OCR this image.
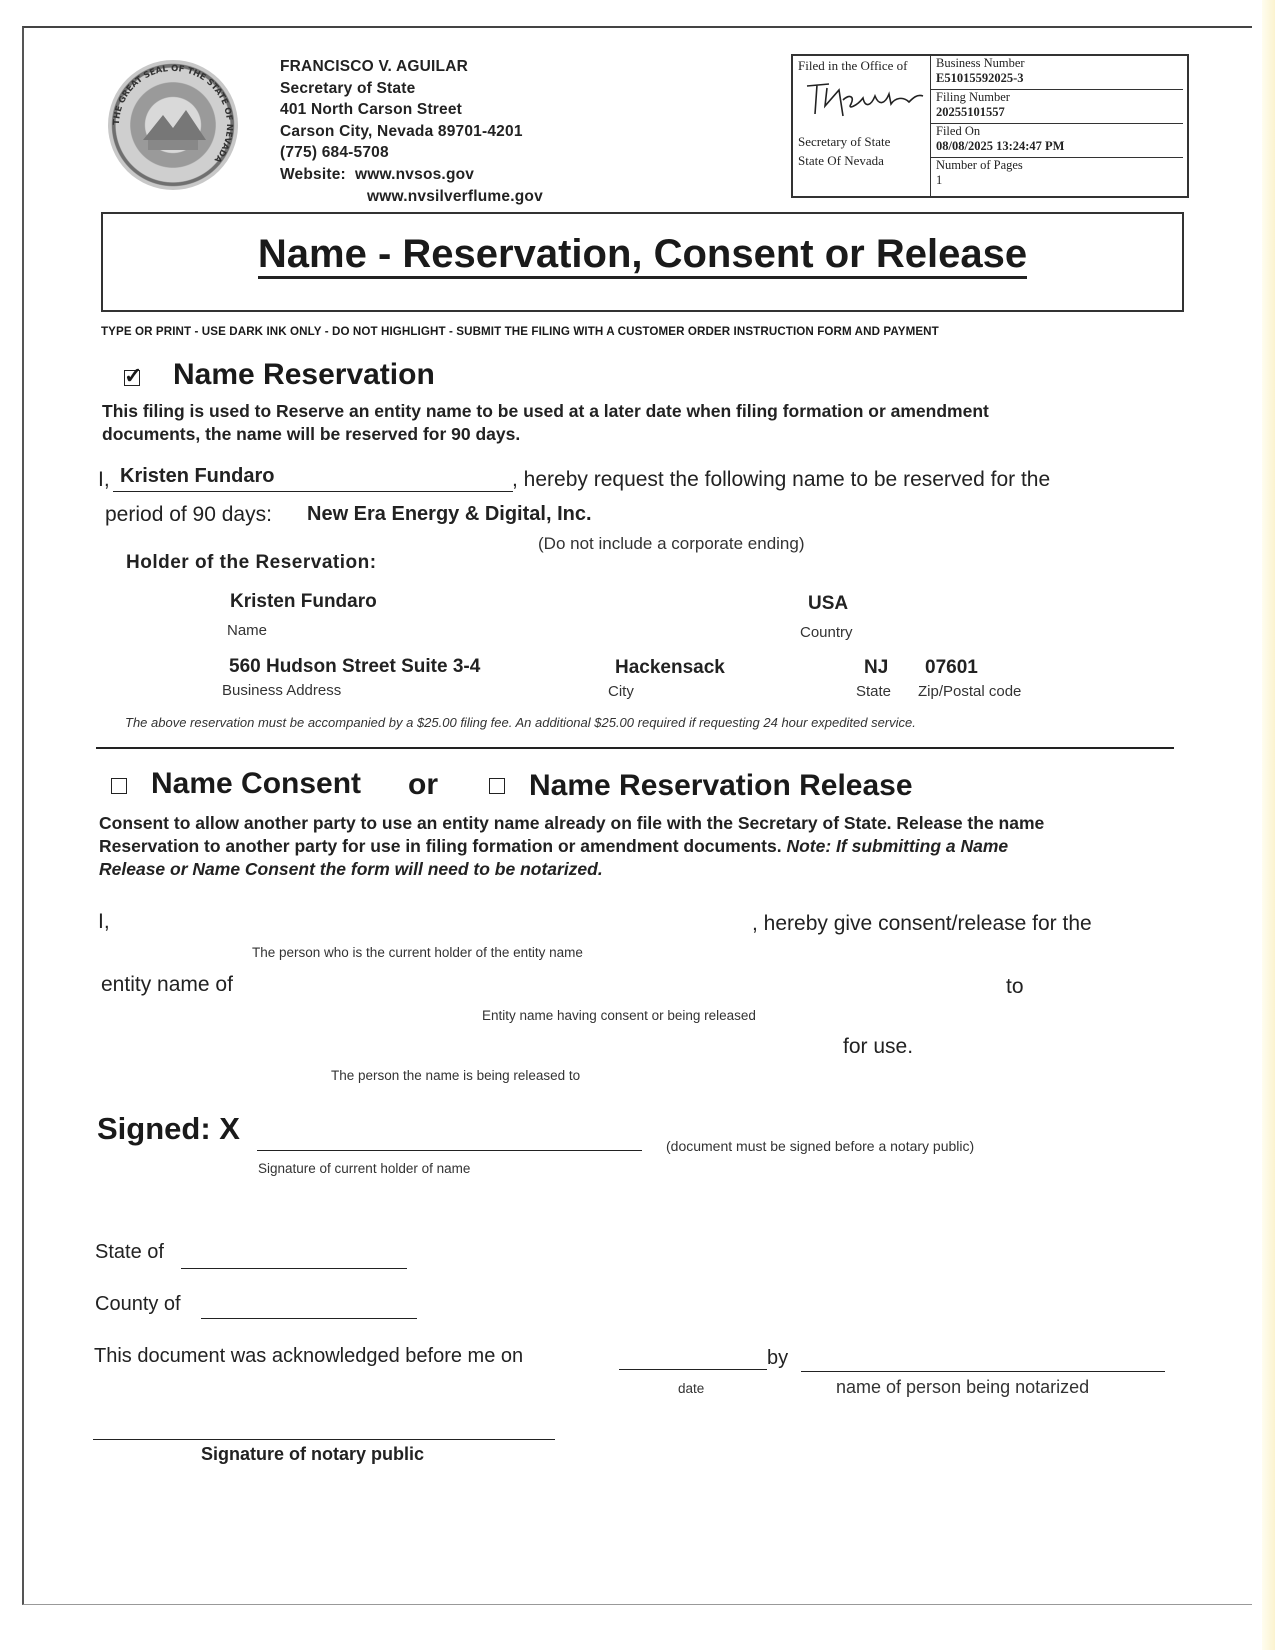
THE GREAT SEAL OF THE STATE OF NEVADA
FRANCISCO V. AGUILAR
Secretary of State
401 North Carson Street
Carson City, Nevada 89701-4201
(775) 684-5708
Website: www.nvsos.gov
www.nvsilverflume.gov
Filed in the Office of
Secretary of State
State Of Nevada
Business Number
E51015592025-3
Filing Number
20255101557
Filed On
08/08/2025 13:24:47 PM
Number of Pages
1
Name - Reservation, Consent or Release
TYPE OR PRINT - USE DARK INK ONLY - DO NOT HIGHLIGHT - SUBMIT THE FILING WITH A CUSTOMER ORDER INSTRUCTION FORM AND PAYMENT
✓ Name Reservation
This filing is used to Reserve an entity name to be used at a later date when filing formation or amendment
documents, the name will be reserved for 90 days.
I, Kristen Fundaro	, hereby request the following name to be reserved for the
period of 90 days: New Era Energy & Digital, Inc.
(Do not include a corporate ending)
Holder of the Reservation:
Kristen Fundaro
Name
USA
Country
560 Hudson Street Suite 3-4
Business Address
Hackensack
City
NJ
State
07601
Zip/Postal code
The above reservation must be accompanied by a $25.00 filing fee. An additional $25.00 required if requesting 24 hour expedited service.
Name Consent or	Name Reservation Release
Consent to allow another party to use an entity name already on file with the Secretary of State. Release the name
Reservation to another party for use in filing formation or amendment documents. Note: If submitting a Name
Release or Name Consent the form will need to be notarized.
I,	, hereby give consent/release for the
The person who is the current holder of the entity name
entity name of	to
Entity name having consent or being released
for use.
The person the name is being released to
Signed: X	(document must be signed before a notary public)
Signature of current holder of name
State of
County of
This document was acknowledged before me on	by
date	name of person being notarized
Signature of notary public
